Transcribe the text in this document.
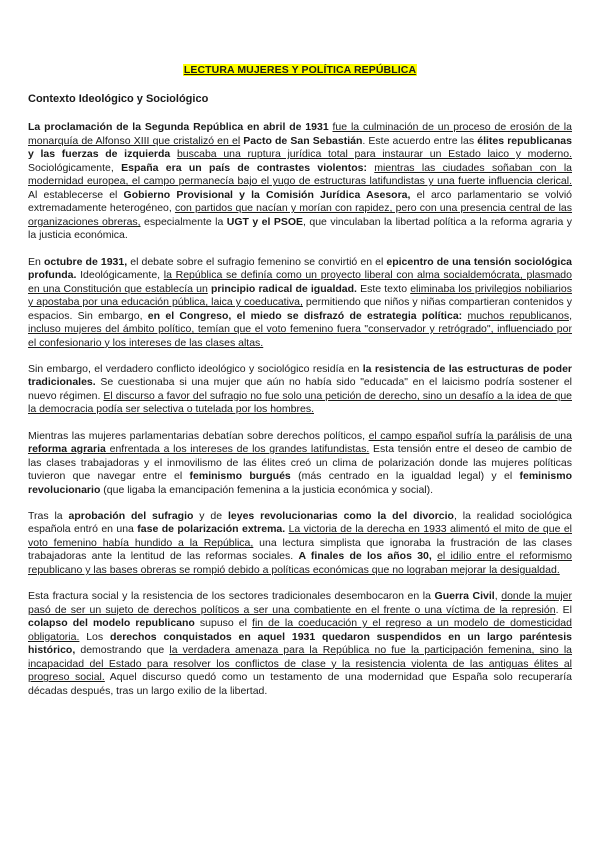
LECTURA MUJERES Y POLÍTICA REPÚBLICA
Contexto Ideológico y Sociológico

La proclamación de la Segunda República en abril de 1931 fue la culminación de un proceso de erosión de la monarquía de Alfonso XIII que cristalizó en el Pacto de San Sebastián. Este acuerdo entre las élites republicanas y las fuerzas de izquierda buscaba una ruptura jurídica total para instaurar un Estado laico y moderno. Sociológicamente, España era un país de contrastes violentos: mientras las ciudades soñaban con la modernidad europea, el campo permanecía bajo el yugo de estructuras latifundistas y una fuerte influencia clerical. Al establecerse el Gobierno Provisional y la Comisión Jurídica Asesora, el arco parlamentario se volvió extremadamente heterogéneo, con partidos que nacían y morían con rapidez, pero con una presencia central de las organizaciones obreras, especialmente la UGT y el PSOE, que vinculaban la libertad política a la reforma agraria y la justicia económica.

En octubre de 1931, el debate sobre el sufragio femenino se convirtió en el epicentro de una tensión sociológica profunda. Ideológicamente, la República se definía como un proyecto liberal con alma socialdemócrata, plasmado en una Constitución que establecía un principio radical de igualdad. Este texto eliminaba los privilegios nobiliarios y apostaba por una educación pública, laica y coeducativa, permitiendo que niños y niñas compartieran contenidos y espacios. Sin embargo, en el Congreso, el miedo se disfrazó de estrategia política: muchos republicanos, incluso mujeres del ámbito político, temían que el voto femenino fuera "conservador y retrógrado", influenciado por el confesionario y los intereses de las clases altas.

Sin embargo, el verdadero conflicto ideológico y sociológico residía en la resistencia de las estructuras de poder tradicionales. Se cuestionaba si una mujer que aún no había sido "educada" en el laicismo podría sostener el nuevo régimen. El discurso a favor del sufragio no fue solo una petición de derecho, sino un desafío a la idea de que la democracia podía ser selectiva o tutelada por los hombres.

Mientras las mujeres parlamentarias debatían sobre derechos políticos, el campo español sufría la parálisis de una reforma agraria enfrentada a los intereses de los grandes latifundistas. Esta tensión entre el deseo de cambio de las clases trabajadoras y el inmovilismo de las élites creó un clima de polarización donde las mujeres políticas tuvieron que navegar entre el feminismo burgués (más centrado en la igualdad legal) y el feminismo revolucionario (que ligaba la emancipación femenina a la justicia económica y social).

Tras la aprobación del sufragio y de leyes revolucionarias como la del divorcio, la realidad sociológica española entró en una fase de polarización extrema. La victoria de la derecha en 1933 alimentó el mito de que el voto femenino había hundido a la República, una lectura simplista que ignoraba la frustración de las clases trabajadoras ante la lentitud de las reformas sociales. A finales de los años 30, el idilio entre el reformismo republicano y las bases obreras se rompió debido a políticas económicas que no lograban mejorar la desigualdad.

Esta fractura social y la resistencia de los sectores tradicionales desembocaron en la Guerra Civil, donde la mujer pasó de ser un sujeto de derechos políticos a ser una combatiente en el frente o una víctima de la represión. El colapso del modelo republicano supuso el fin de la coeducación y el regreso a un modelo de domesticidad obligatoria. Los derechos conquistados en aquel 1931 quedaron suspendidos en un largo paréntesis histórico, demostrando que la verdadera amenaza para la República no fue la participación femenina, sino la incapacidad del Estado para resolver los conflictos de clase y la resistencia violenta de las antiguas élites al progreso social. Aquel discurso quedó como un testamento de una modernidad que España solo recuperaría décadas después, tras un largo exilio de la libertad.
